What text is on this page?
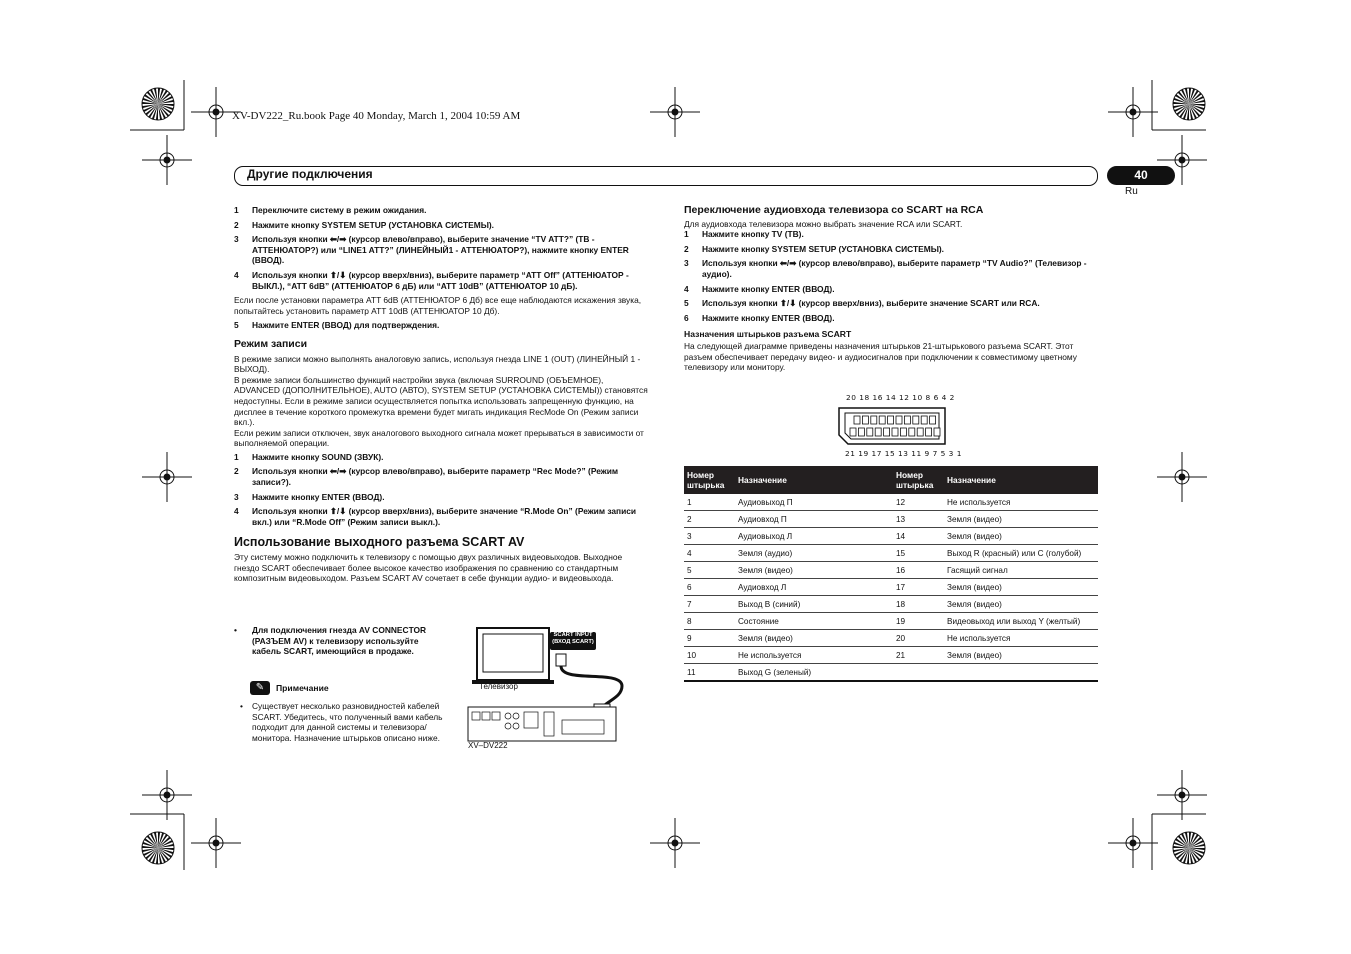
XV-DV222_Ru.book Page 40 Monday, March 1, 2004 10:59 AM
Другие подключения	40
Ru
1	Переключите систему в режим ожидания.
2	Нажмите кнопку SYSTEM SETUP (УСТАНОВКА СИСТЕМЫ).
3	Используя кнопки ⬅/➡ (курсор влево/вправо), выберите значение “TV ATT?” (TB - АТТЕНЮАТОР?) или “LINE1 ATT?” (ЛИНЕЙНЫЙ1 - АТТЕНЮАТОР?), нажмите кнопку ENTER (ВВОД).
4	Используя кнопки ⬆/⬇ (курсор вверх/вниз), выберите параметр “ATT Off” (АТТЕНЮАТОР - ВЫКЛ.), “ATT 6dB” (АТТЕНЮАТОР 6 дБ) или “ATT 10dB” (АТТЕНЮАТОР 10 дБ).

Если после установки параметра ATT 6dB (АТТЕНЮАТОР 6 Дб) все еще наблюдаются искажения звука, попытайтесь установить параметр ATT 10dB (АТТЕНЮАТОР 10 Дб).

5	Нажмите ENTER (ВВОД) для подтверждения.
Режим записи

В режиме записи можно выполнять аналоговую запись, используя гнезда LINE 1 (OUT) (ЛИНЕЙНЫЙ 1 - ВЫХОД).

В режиме записи большинство функций настройки звука (включая SURROUND (ОБЪЕМНОЕ), ADVANCED (ДОПОЛНИТЕЛЬНОЕ), AUTO (АВТО), SYSTEM SETUP (УСТАНОВКА СИСТЕМЫ)) становятся недоступны. Если в режиме записи осуществляется попытка использовать запрещенную функцию, на дисплее в течение короткого промежутка времени будет мигать индикация RecMode On (Режим записи вкл.).

Если режим записи отключен, звук аналогового выходного сигнала может прерываться в зависимости от выполняемой операции.

1	Нажмите кнопку SOUND (ЗВУК).
2	Используя кнопки ⬅/➡ (курсор влево/вправо), выберите параметр “Rec Mode?” (Режим записи?).
3	Нажмите кнопку ENTER (ВВОД).
4	Используя кнопки ⬆/⬇ (курсор вверх/вниз), выберите значение “R.Mode On” (Режим записи вкл.) или “R.Mode Off” (Режим записи выкл.).
Использование выходного разъема SCART AV

Эту систему можно подключить к телевизору с помощью двух различных видеовыходов. Выходное гнездо SCART обеспечивает более высокое качество изображения по сравнению со стандартным композитным видеовыходом. Разъем SCART AV сочетает в себе функции аудио- и видеовыхода.

•	Для подключения гнезда AV CONNECTOR (РАЗЪЕМ AV) к телевизору используйте кабель SCART, имеющийся в продаже.
✎	Примечание
•	Существует несколько разновидностей кабелей SCART. Убедитесь, что полученный вами кабель подходит для данной системы и телевизора/монитора. Назначение штырьков описано ниже.
SCART INPUT (ВХОД SCART)
Телевизор
XV–DV222
Переключение аудиовхода телевизора со SCART на RCA

Для аудиовхода телевизора можно выбрать значение RCA или SCART.

1	Нажмите кнопку TV (ТВ).
2	Нажмите кнопку SYSTEM SETUP (УСТАНОВКА СИСТЕМЫ).
3	Используя кнопки ⬅/➡ (курсор влево/вправо), выберите параметр “TV Audio?” (Телевизор - аудио).
4	Нажмите кнопку ENTER (ВВОД).
5	Используя кнопки ⬆/⬇ (курсор вверх/вниз), выберите значение SCART или RCA.
6	Нажмите кнопку ENTER (ВВОД).
Назначения штырьков разъема SCART

На следующей диаграмме приведены назначения штырьков 21-штырькового разъема SCART. Этот разъем обеспечивает передачу видео- и аудиосигналов при подключении к совместимому цветному телевизору или монитору.

20 18 16 14 12 10 8 6 4 2
21 19 17 15 13 11 9 7 5 3 1
Номер штырька	Назначение	Номер штырька	Назначение
1	Аудиовыход П	12	Не используется
2	Аудиовход П	13	Земля (видео)
3	Аудиовыход Л	14	Земля (видео)
4	Земля (аудио)	15	Выход R (красный) или C (голубой)
5	Земля (видео)	16	Гасящий сигнал
6	Аудиовход Л	17	Земля (видео)
7	Выход B (синий)	18	Земля (видео)
8	Состояние	19	Видеовыход или выход Y (желтый)
9	Земля (видео)	20	Не используется
10	Не используется	21	Земля (видео)
11	Выход G (зеленый)		
